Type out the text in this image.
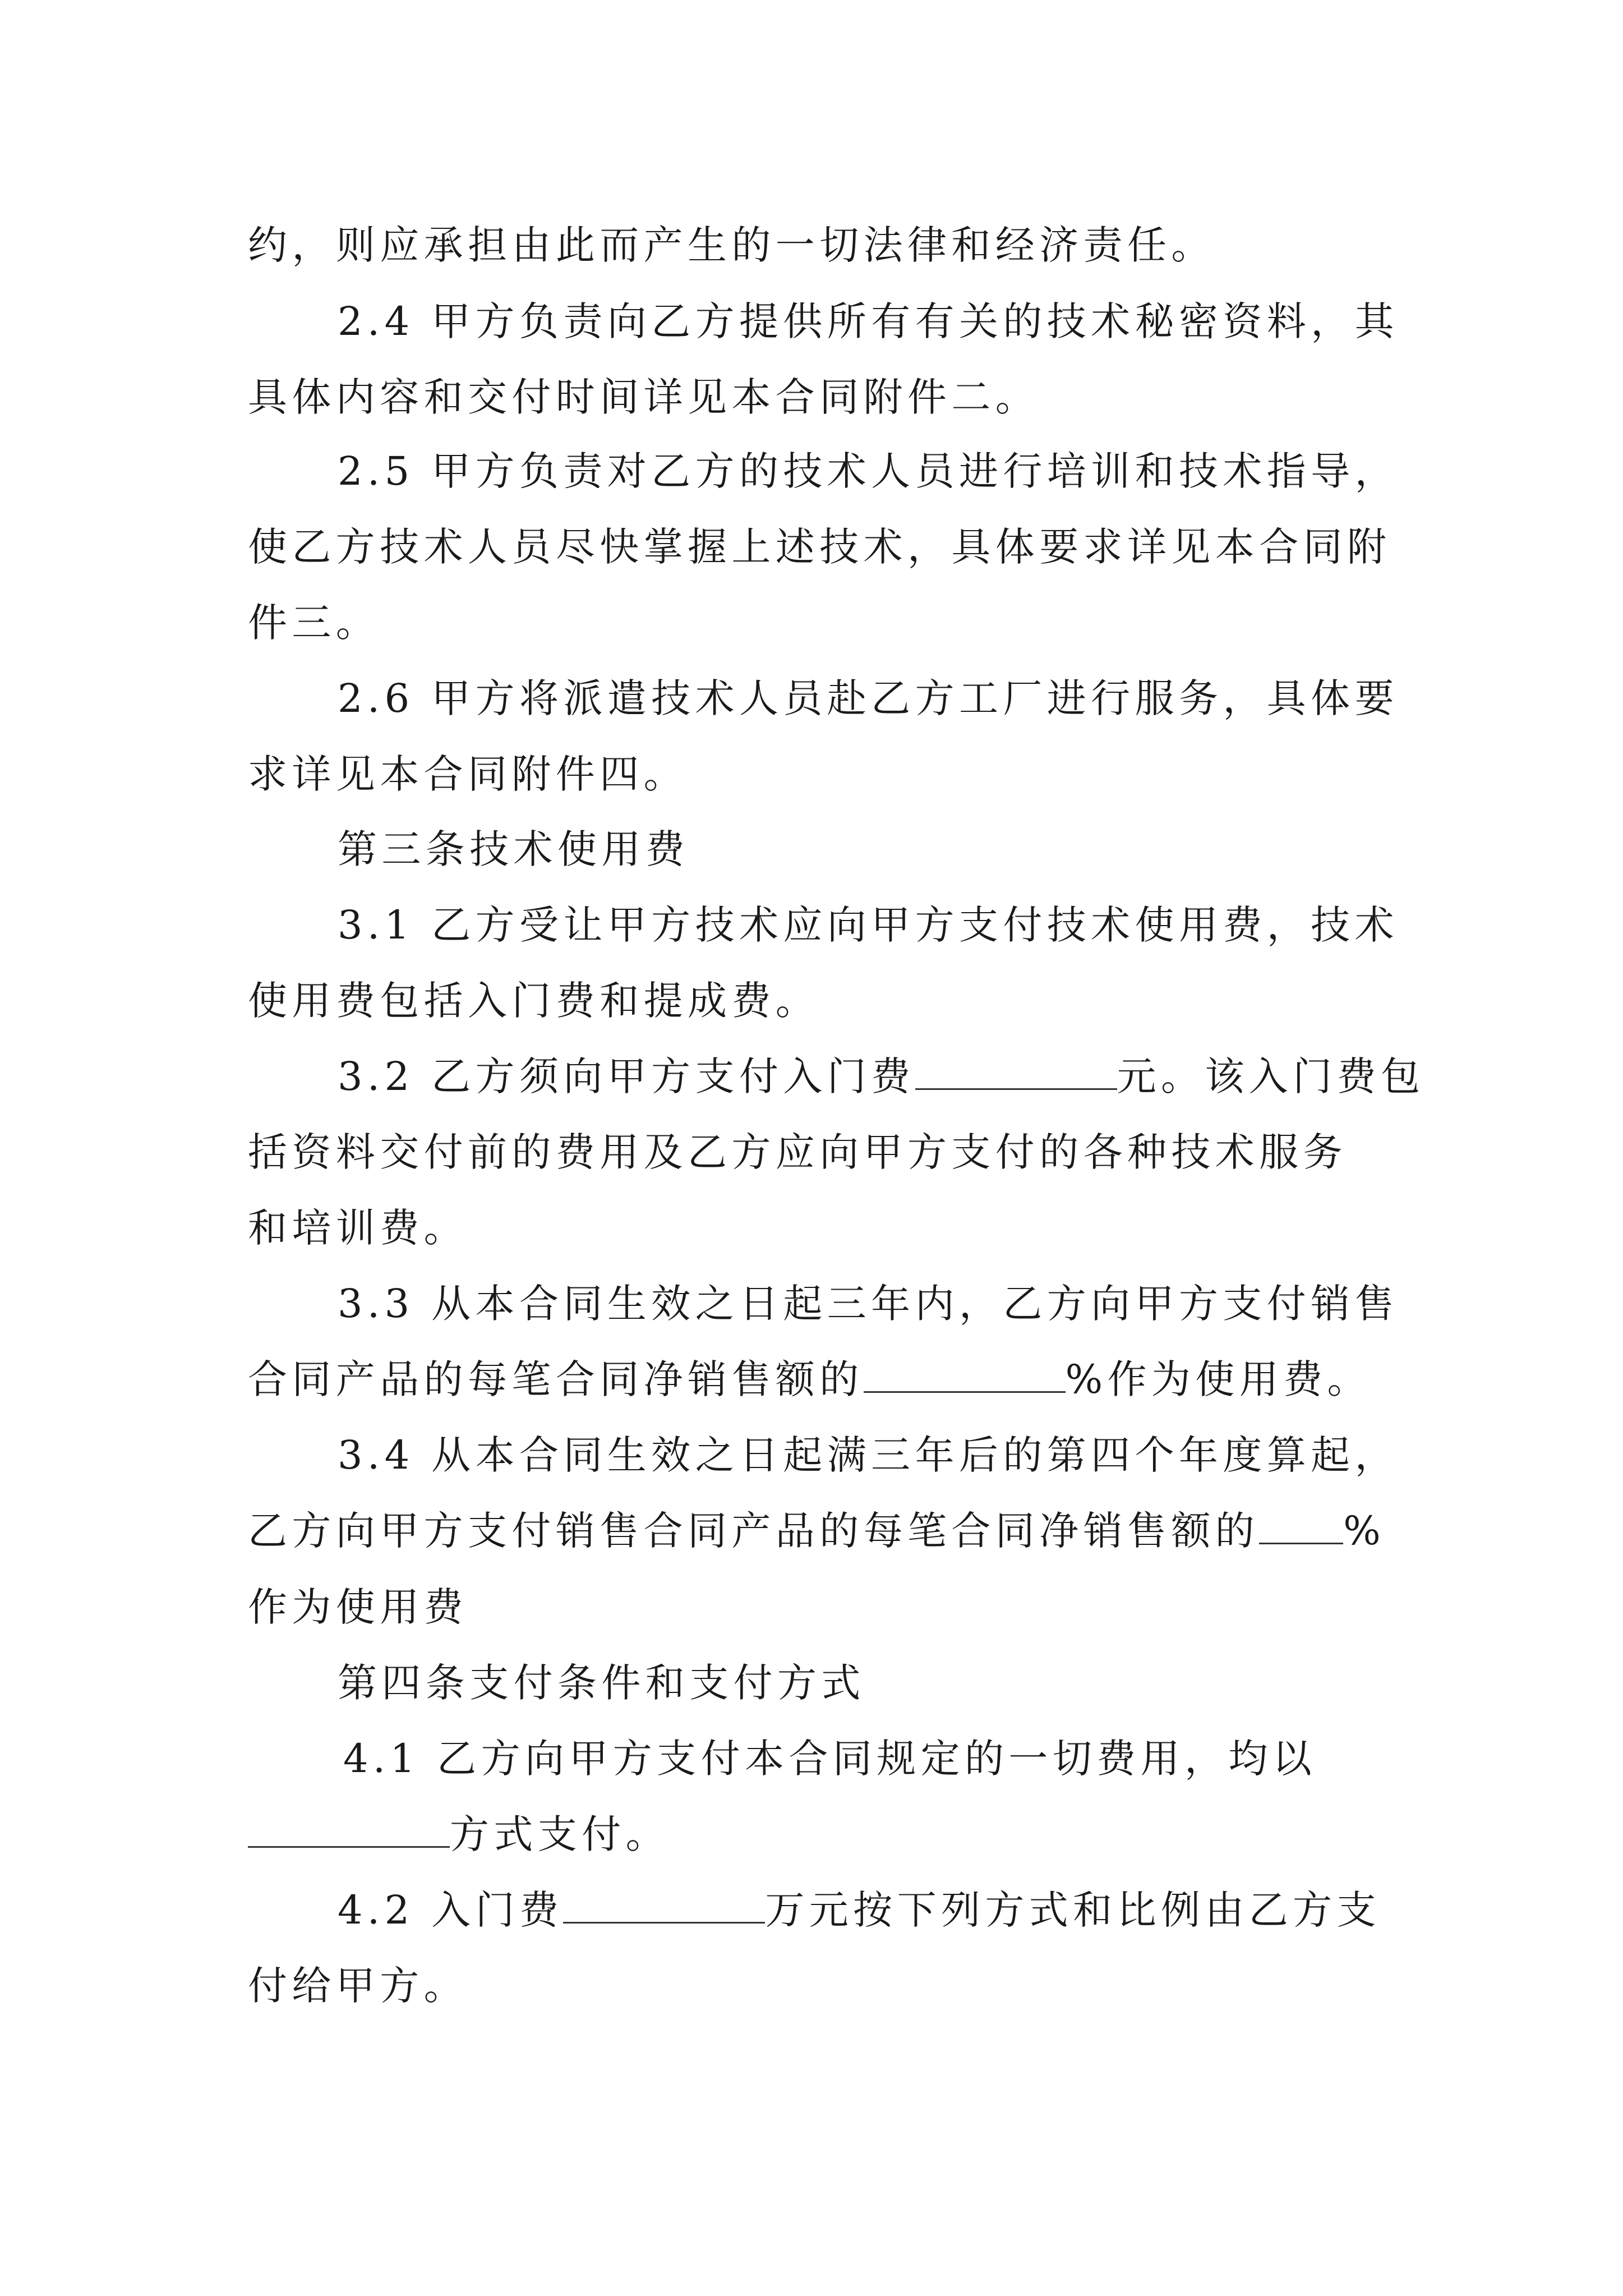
约，则应承担由此而产生的一切法律和经济责任。
2.4 甲方负责向乙方提供所有有关的技术秘密资料，其
具体内容和交付时间详见本合同附件二。
2.5 甲方负责对乙方的技术人员进行培训和技术指导，
使乙方技术人员尽快掌握上述技术，具体要求详见本合同附
件三。
2.6 甲方将派遣技术人员赴乙方工厂进行服务，具体要
求详见本合同附件四。
第三条技术使用费
3.1 乙方受让甲方技术应向甲方支付技术使用费，技术
使用费包括入门费和提成费。
3.2 乙方须向甲方支付入门费	元。该入门费包
括资料交付前的费用及乙方应向甲方支付的各种技术服务
和培训费。
3.3 从本合同生效之日起三年内，乙方向甲方支付销售
合同产品的每笔合同净销售额的	%作为使用费。
3.4 从本合同生效之日起满三年后的第四个年度算起，
乙方向甲方支付销售合同产品的每笔合同净销售额的 %
作为使用费
第四条支付条件和支付方式
4.1 乙方向甲方支付本合同规定的一切费用，均以
方式支付。
4.2 入门费	万元按下列方式和比例由乙方支
付给甲方。
